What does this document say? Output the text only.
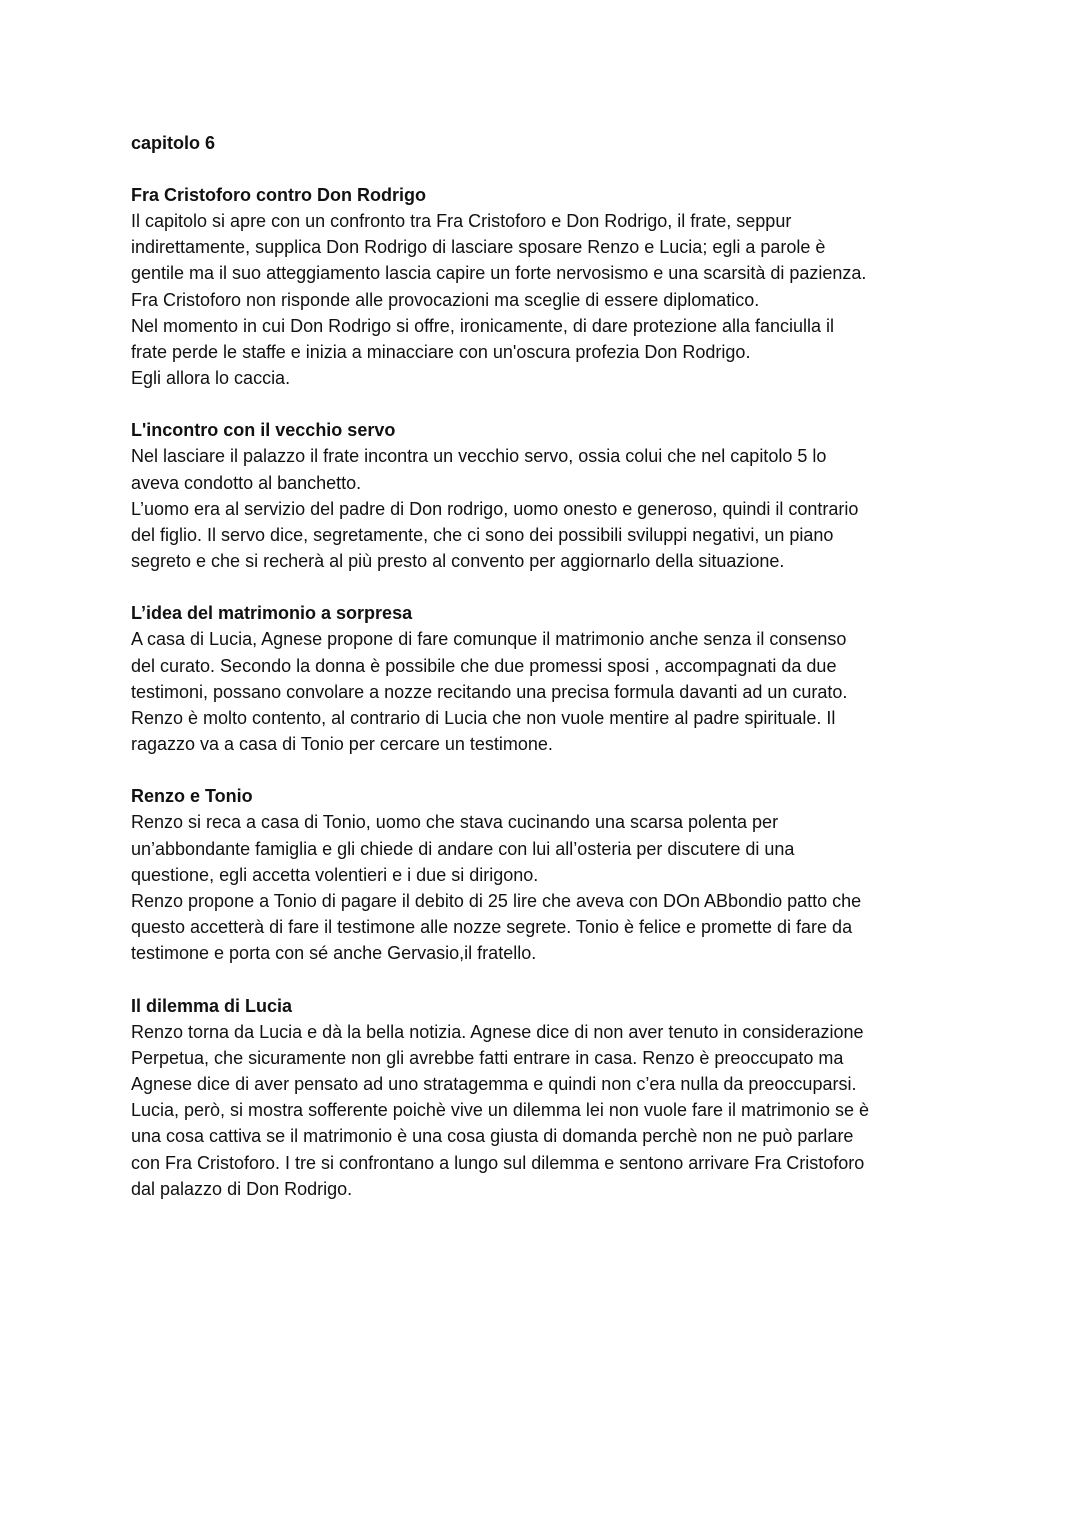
capitolo 6
Fra Cristoforo contro Don Rodrigo
Il capitolo si apre con un confronto tra Fra Cristoforo e Don Rodrigo, il frate, seppur
indirettamente, supplica Don Rodrigo di lasciare sposare Renzo e Lucia; egli a parole è
gentile ma il suo atteggiamento lascia capire un forte nervosismo e una scarsità di pazienza.
Fra Cristoforo non risponde alle provocazioni ma sceglie di essere diplomatico.
Nel momento in cui Don Rodrigo si offre, ironicamente, di dare protezione alla fanciulla il
frate perde le staffe e inizia a minacciare con un'oscura profezia Don Rodrigo.
Egli allora lo caccia.
L'incontro con il vecchio servo
Nel lasciare il palazzo il frate incontra un vecchio servo, ossia colui che nel capitolo 5 lo
aveva condotto al banchetto.
L’uomo era al servizio del padre di Don rodrigo, uomo onesto e generoso, quindi il contrario
del figlio. Il servo dice, segretamente, che ci sono dei possibili sviluppi negativi, un piano
segreto e che si recherà al più presto al convento per aggiornarlo della situazione.
L’idea del matrimonio a sorpresa
A casa di Lucia, Agnese propone di fare comunque il matrimonio anche senza il consenso
del curato. Secondo la donna è possibile che due promessi sposi , accompagnati da due
testimoni, possano convolare a nozze recitando una precisa formula davanti ad un curato.
Renzo è molto contento, al contrario di Lucia che non vuole mentire al padre spirituale. Il
ragazzo va a casa di Tonio per cercare un testimone.
Renzo e Tonio
Renzo si reca a casa di Tonio, uomo che stava cucinando una scarsa polenta per
un’abbondante famiglia e gli chiede di andare con lui all’osteria per discutere di una
questione, egli accetta volentieri e i due si dirigono.
Renzo propone a Tonio di pagare il debito di 25 lire che aveva con DOn ABbondio patto che
questo accetterà di fare il testimone alle nozze segrete. Tonio è felice e promette di fare da
testimone e porta con sé anche Gervasio,il fratello.
Il dilemma di Lucia
Renzo torna da Lucia e dà la bella notizia. Agnese dice di non aver tenuto in considerazione
Perpetua, che sicuramente non gli avrebbe fatti entrare in casa. Renzo è preoccupato ma
Agnese dice di aver pensato ad uno stratagemma e quindi non c’era nulla da preoccuparsi.
Lucia, però, si mostra sofferente poichè vive un dilemma lei non vuole fare il matrimonio se è
una cosa cattiva se il matrimonio è una cosa giusta di domanda perchè non ne può parlare
con Fra Cristoforo. I tre si confrontano a lungo sul dilemma e sentono arrivare Fra Cristoforo
dal palazzo di Don Rodrigo.
